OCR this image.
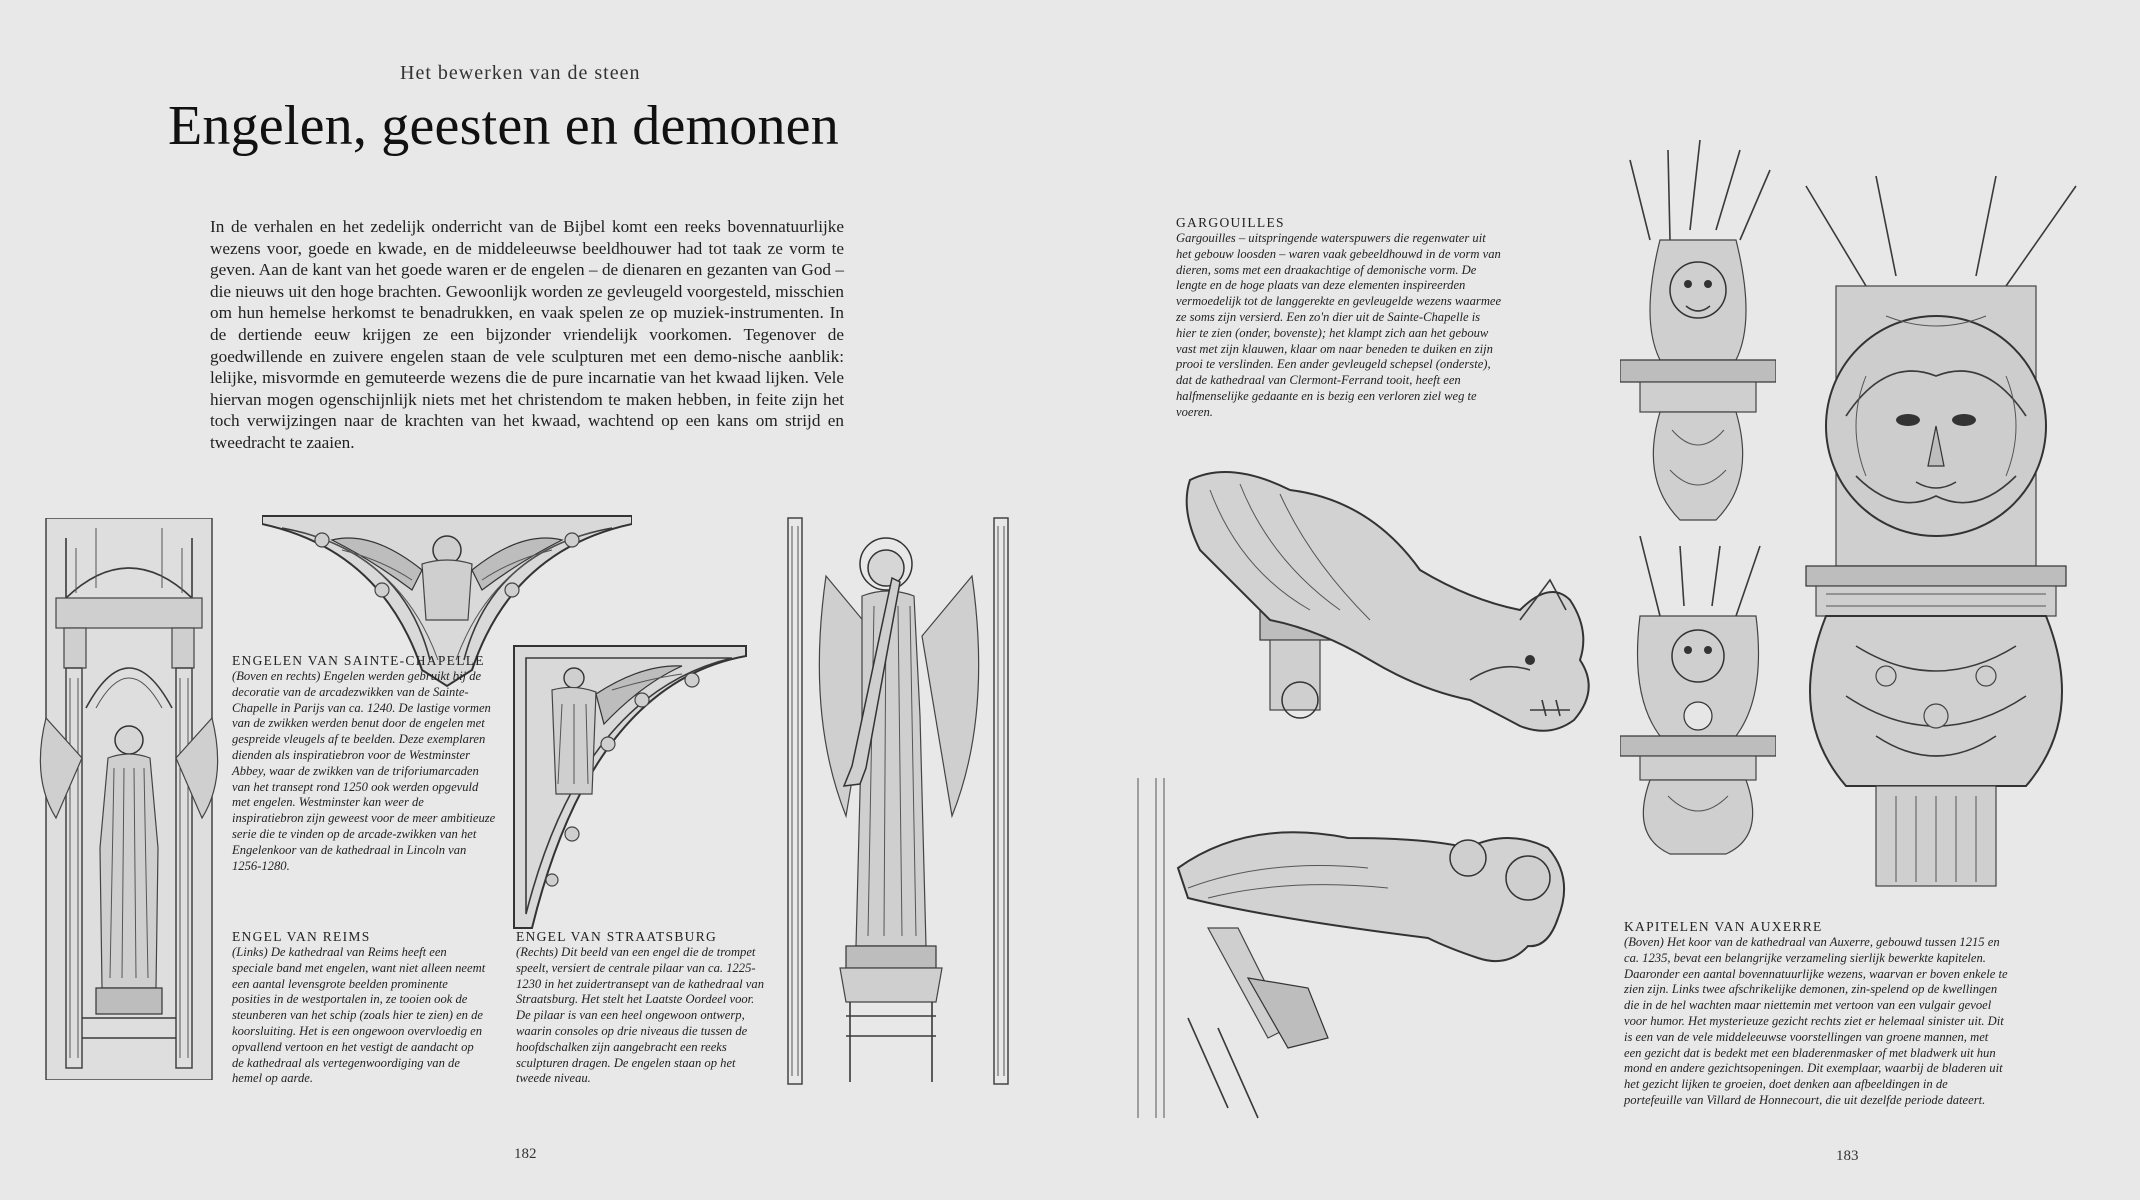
Het bewerken van de steen
Engelen, geesten en demonen

In de verhalen en het zedelijk onderricht van de Bijbel komt een reeks bovennatuurlijke wezens voor, goede en kwade, en de middeleeuwse beeldhouwer had tot taak ze vorm te geven. Aan de kant van het goede waren er de engelen – de dienaren en gezanten van God – die nieuws uit den hoge brachten. Gewoonlijk worden ze gevleugeld voorgesteld, misschien om hun hemelse herkomst te benadrukken, en vaak spelen ze op muziek-instrumenten. In de dertiende eeuw krijgen ze een bijzonder vriendelijk voorkomen. Tegenover de goedwillende en zuivere engelen staan de vele sculpturen met een demo-nische aanblik: lelijke, misvormde en gemuteerde wezens die de pure incarnatie van het kwaad lijken. Vele hiervan mogen ogenschijnlijk niets met het christendom te maken hebben, in feite zijn het toch verwijzingen naar de krachten van het kwaad, wachtend op een kans om strijd en tweedracht te zaaien.

ENGELEN VAN SAINTE-CHAPELLE
(Boven en rechts) Engelen werden gebruikt bij de decoratie van de arcadezwikken van de Sainte-Chapelle in Parijs van ca. 1240. De lastige vormen van de zwikken werden benut door de engelen met gespreide vleugels af te beelden. Deze exemplaren dienden als inspiratiebron voor de Westminster Abbey, waar de zwikken van de triforiumarcaden van het transept rond 1250 ook werden opgevuld met engelen. Westminster kan weer de inspiratiebron zijn geweest voor de meer ambitieuze serie die te vinden op de arcade-zwikken van het Engelenkoor van de kathedraal in Lincoln van 1256-1280.
ENGEL VAN REIMS
(Links) De kathedraal van Reims heeft een speciale band met engelen, want niet alleen neemt een aantal levensgrote beelden prominente posities in de westportalen in, ze tooien ook de steunberen van het schip (zoals hier te zien) en de koorsluiting. Het is een ongewoon overvloedig en opvallend vertoon en het vestigt de aandacht op de kathedraal als vertegenwoordiging van de hemel op aarde.
ENGEL VAN STRAATSBURG
(Rechts) Dit beeld van een engel die de trompet speelt, versiert de centrale pilaar van ca. 1225-1230 in het zuidertransept van de kathedraal van Straatsburg. Het stelt het Laatste Oordeel voor. De pilaar is van een heel ongewoon ontwerp, waarin consoles op drie niveaus die tussen de hoofdschalken zijn aangebracht een reeks sculpturen dragen. De engelen staan op het tweede niveau.
182
GARGOUILLES
Gargouilles – uitspringende waterspuwers die regenwater uit het gebouw loosden – waren vaak gebeeldhouwd in de vorm van dieren, soms met een draakachtige of demonische vorm. De lengte en de hoge plaats van deze elementen inspireerden vermoedelijk tot de langgerekte en gevleugelde wezens waarmee ze soms zijn versierd. Een zo'n dier uit de Sainte-Chapelle is hier te zien (onder, bovenste); het klampt zich aan het gebouw vast met zijn klauwen, klaar om naar beneden te duiken en zijn prooi te verslinden. Een ander gevleugeld schepsel (onderste), dat de kathedraal van Clermont-Ferrand tooit, heeft een halfmenselijke gedaante en is bezig een verloren ziel weg te voeren.
KAPITELEN VAN AUXERRE
(Boven) Het koor van de kathedraal van Auxerre, gebouwd tussen 1215 en ca. 1235, bevat een belangrijke verzameling sierlijk bewerkte kapitelen. Daaronder een aantal bovennatuurlijke wezens, waarvan er boven enkele te zien zijn. Links twee afschrikelijke demonen, zin-spelend op de kwellingen die in de hel wachten maar niettemin met vertoon van een vulgair gevoel voor humor. Het mysterieuze gezicht rechts ziet er helemaal sinister uit. Dit is een van de vele middeleeuwse voorstellingen van groene mannen, met een gezicht dat is bedekt met een bladerenmasker of met bladwerk uit hun mond en andere gezichtsopeningen. Dit exemplaar, waarbij de bladeren uit het gezicht lijken te groeien, doet denken aan afbeeldingen in de portefeuille van Villard de Honnecourt, die uit dezelfde periode dateert.
183
